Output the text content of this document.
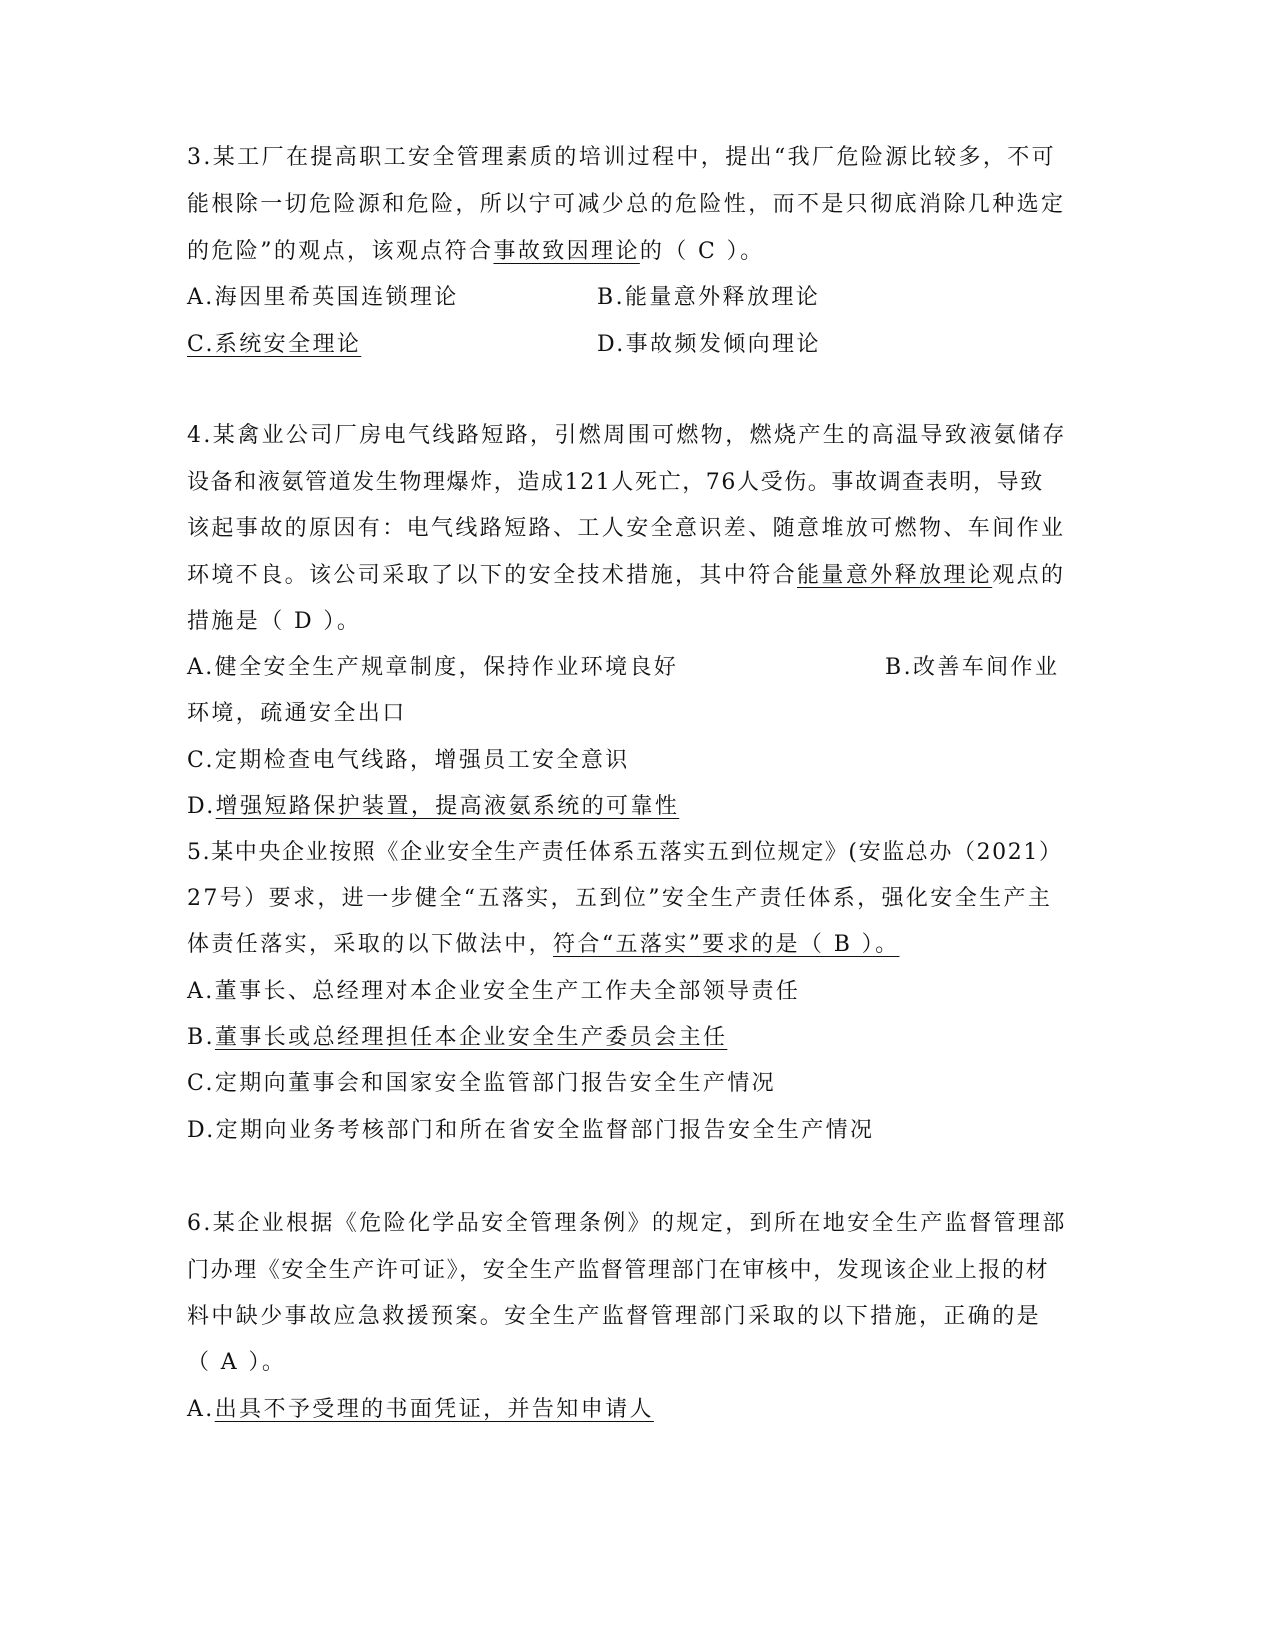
3.某工厂在提高职工安全管理素质的培训过程中，提出“我厂危险源比较多，不可
能根除一切危险源和危险，所以宁可减少总的危险性，而不是只彻底消除几种选定
的危险”的观点，该观点符合事故致因理论的（ C ）。
A.海因里希英国连锁理论	B.能量意外释放理论
C.系统安全理论	D.事故频发倾向理论
4.某禽业公司厂房电气线路短路，引燃周围可燃物，燃烧产生的高温导致液氨储存
设备和液氨管道发生物理爆炸，造成121人死亡，76人受伤。事故调查表明，导致
该起事故的原因有：电气线路短路、工人安全意识差、随意堆放可燃物、车间作业
环境不良。该公司采取了以下的安全技术措施，其中符合能量意外释放理论观点的
措施是（ D ）。
A.健全安全生产规章制度，保持作业环境良好	B.改善车间作业
环境，疏通安全出口
C.定期检查电气线路，增强员工安全意识
D.增强短路保护装置，提高液氨系统的可靠性
5.某中央企业按照《企业安全生产责任体系五落实五到位规定》(安监总办（2021）
27号）要求，进一步健全“五落实，五到位”安全生产责任体系，强化安全生产主
体责任落实，采取的以下做法中，符合“五落实”要求的是（ B ）。
A.董事长、总经理对本企业安全生产工作夫全部领导责任
B.董事长或总经理担任本企业安全生产委员会主任
C.定期向董事会和国家安全监管部门报告安全生产情况
D.定期向业务考核部门和所在省安全监督部门报告安全生产情况
6.某企业根据《危险化学品安全管理条例》的规定，到所在地安全生产监督管理部
门办理《安全生产许可证》，安全生产监督管理部门在审核中，发现该企业上报的材
料中缺少事故应急救援预案。安全生产监督管理部门采取的以下措施，正确的是
（ A ）。
A.出具不予受理的书面凭证，并告知申请人
